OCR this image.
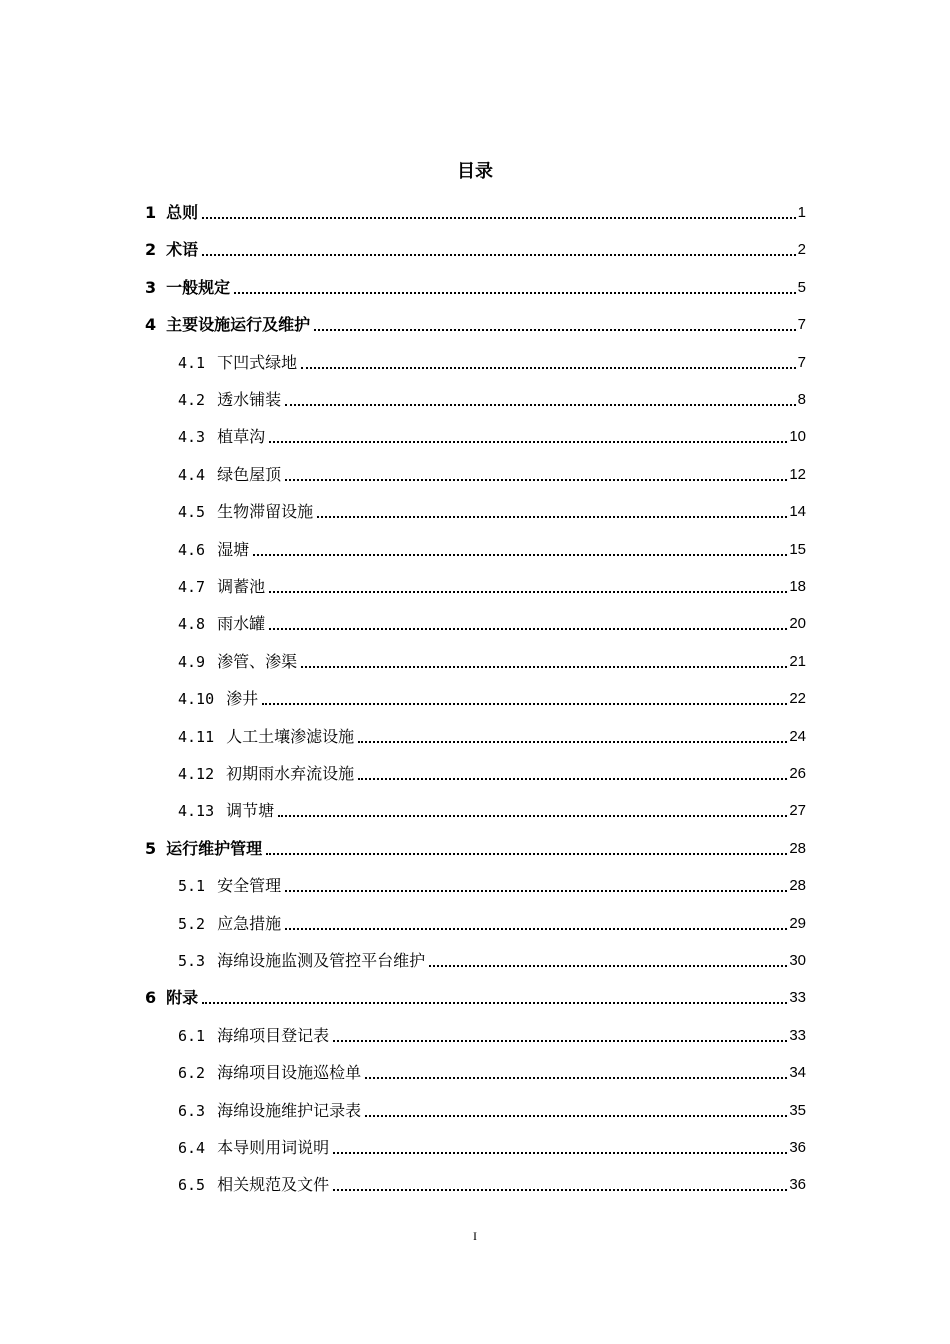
目录
1 总则	1
2 术语	2
3 一般规定	5
4 主要设施运行及维护	7
4.1 下凹式绿地	7
4.2 透水铺装	8
4.3 植草沟	10
4.4 绿色屋顶	12
4.5 生物滞留设施	14
4.6 湿塘	15
4.7 调蓄池	18
4.8 雨水罐	20
4.9 渗管、渗渠	21
4.10 渗井	22
4.11 人工土壤渗滤设施	24
4.12 初期雨水弃流设施	26
4.13 调节塘	27
5 运行维护管理	28
5.1 安全管理	28
5.2 应急措施	29
5.3 海绵设施监测及管控平台维护	30
6 附录	33
6.1 海绵项目登记表	33
6.2 海绵项目设施巡检单	34
6.3 海绵设施维护记录表	35
6.4 本导则用词说明	36
6.5 相关规范及文件	36
I
